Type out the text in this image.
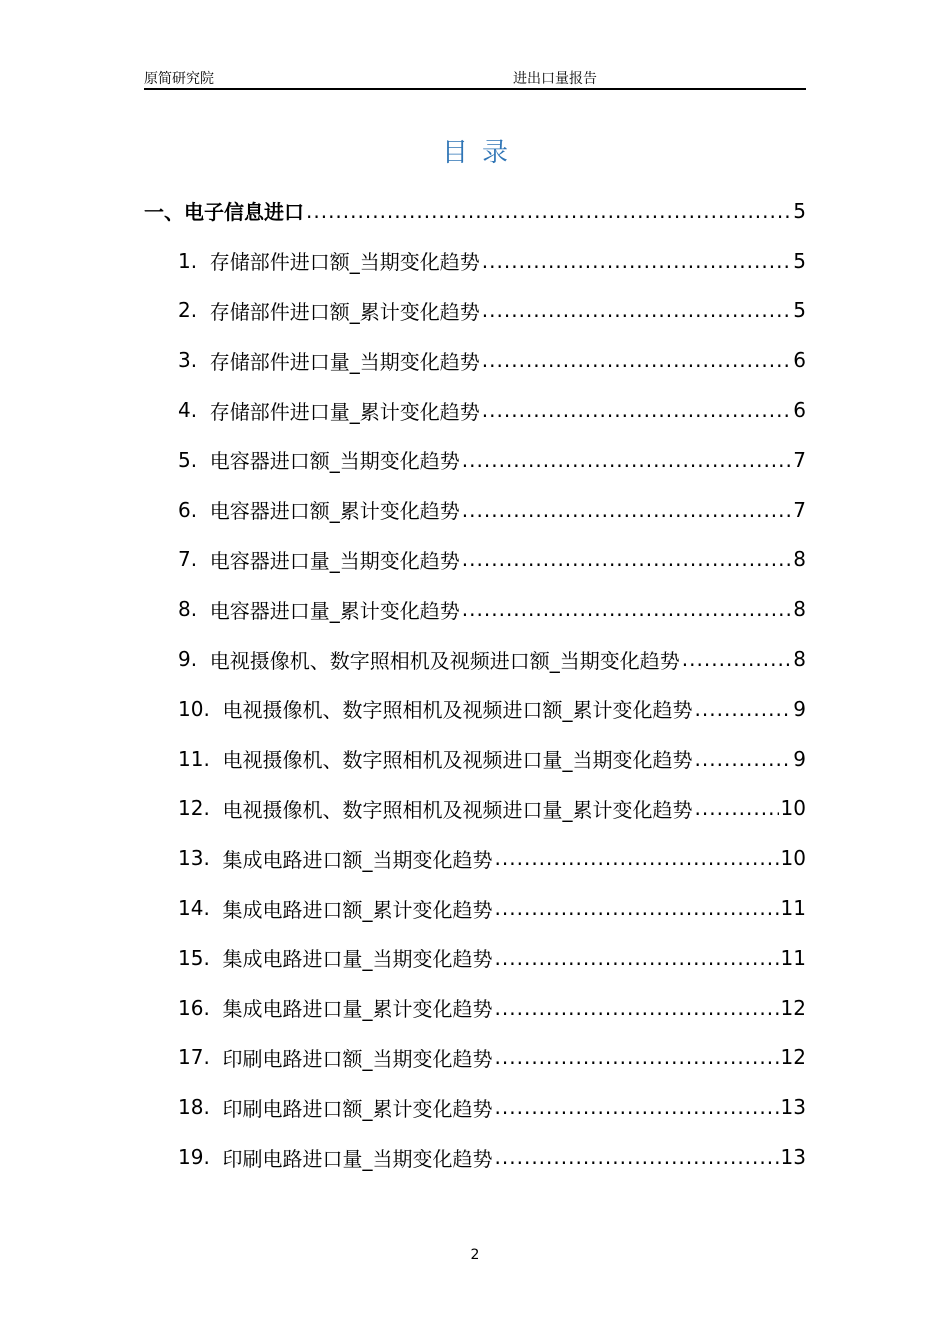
原简研究院	进出口量报告
目录
一、电子信息进口 .....	5
1. 存储部件进口额_当期变化趋势 .....	5
2. 存储部件进口额_累计变化趋势 .....	5
3. 存储部件进口量_当期变化趋势 .....	6
4. 存储部件进口量_累计变化趋势 .....	6
5. 电容器进口额_当期变化趋势 .....	7
6. 电容器进口额_累计变化趋势 .....	7
7. 电容器进口量_当期变化趋势 .....	8
8. 电容器进口量_累计变化趋势 .....	8
9. 电视摄像机、数字照相机及视频进口额_当期变化趋势 .....	8
10. 电视摄像机、数字照相机及视频进口额_累计变化趋势 .....	9
11. 电视摄像机、数字照相机及视频进口量_当期变化趋势 .....	9
12. 电视摄像机、数字照相机及视频进口量_累计变化趋势 .....	10
13. 集成电路进口额_当期变化趋势 .....	10
14. 集成电路进口额_累计变化趋势 .....	11
15. 集成电路进口量_当期变化趋势 .....	11
16. 集成电路进口量_累计变化趋势 .....	12
17. 印刷电路进口额_当期变化趋势 .....	12
18. 印刷电路进口额_累计变化趋势 .....	13
19. 印刷电路进口量_当期变化趋势 .....	13
2
